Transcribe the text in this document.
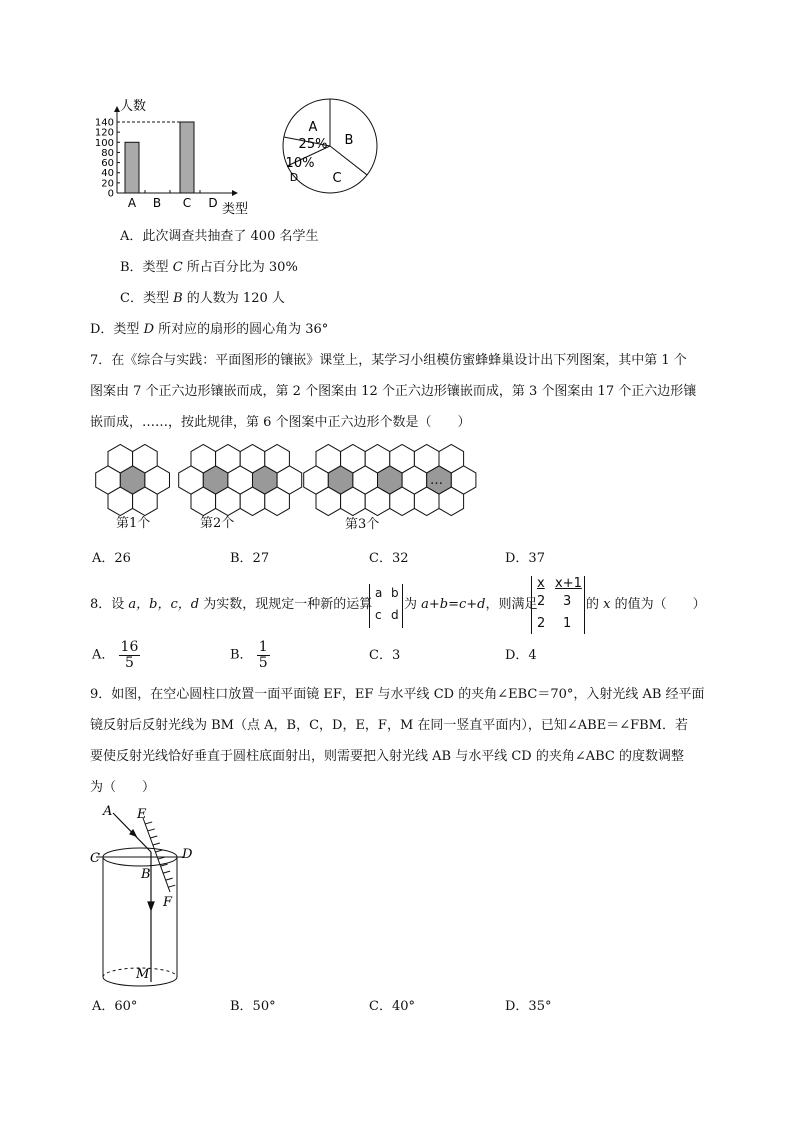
0
20
40
60
80
100
120
140
A B C D
人数
类型
A
25% B
C
10%
D
A．此次调查共抽查了 400 名学生
B．类型 C 所占百分比为 30%
C．类型 B 的人数为 120 人
D．类型 D 所对应的扇形的圆心角为 36°
7．在《综合与实践：平面图形的镶嵌》课堂上，某学习小组模仿蜜蜂蜂巢设计出下列图案，其中第 1 个
图案由 7 个正六边形镶嵌而成，第 2 个图案由 12 个正六边形镶嵌而成，第 3 个图案由 17 个正六边形镶
嵌而成，……，按此规律，第 6 个图案中正六边形个数是（　　）
第1个	第2个	第3个
…
A．26	B．27	C．32	D．37
8．设 a，b，c，d 为实数，现规定一种新的运算
a b
c d
为 a+b=c+d，则满足
x x+1
2 3
2 1
的 x 的值为（　　）
A． $\frac{16}{5}$	B． $\frac{1}{5}$	C．3	D．4
9．如图，在空心圆柱口放置一面平面镜 EF，EF 与水平线 CD 的夹角∠EBC＝70°，入射光线 AB 经平面
镜反射后反射光线为 BM（点 A，B，C，D，E，F，M 在同一竖直平面内），已知∠ABE＝∠FBM．若
要使反射光线恰好垂直于圆柱底面射出，则需要把入射光线 AB 与水平线 CD 的夹角∠ABC 的度数调整
为（　　）
A E
C	D
B
F
M
A．60°	B．50°	C．40°	D．35°
